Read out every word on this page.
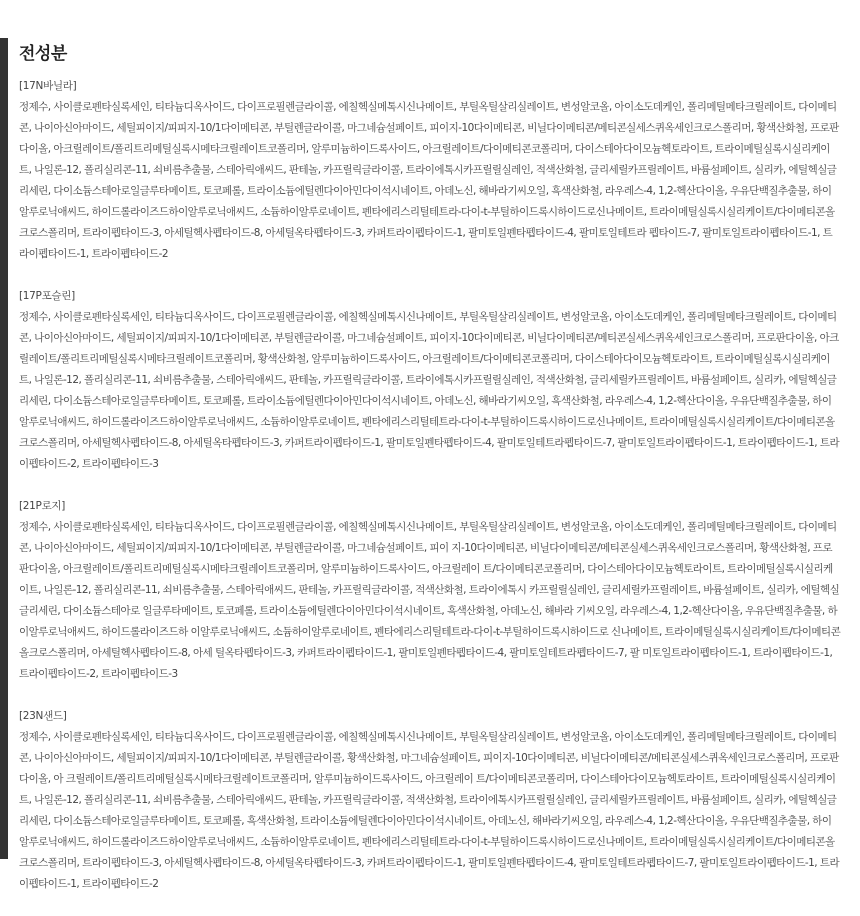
전성분
[17N바닐라]
정제수, 사이클로펜타실록세인, 티타늄디옥사이드, 다이프로필렌글라이콜, 에칠헥실메톡시신나메이트, 부틸옥틸살리실레이트, 변성알코올, 아이소도데케인, 폴리메틸메타크릴레이트, 다이메티콘, 나이아신아마이드, 세틸피이지/피피지-10/1다이메티콘, 부틸렌글라이콜, 마그네슘설페이트, 피이지-10다이메티콘, 비닐다이메티콘/메티콘실세스퀴옥세인크로스폴리머, 황색산화철, 프로판다이올, 아크릴레이트/폴리트리메틸실록시메타크릴레이트코폴리머, 알루미늄하이드록사이드, 아크릴레이트/다이메티콘코폴리머, 다이스테아다이모늄헥토라이트, 트라이메틸실록시실리케이트, 나일론-12, 폴리실리콘-11, 쇠비름추출물, 스테아릭애씨드, 판테놀, 카프릴릭글라이콜, 트라이에톡시카프릴릴실레인, 적색산화철, 글리세릴카프릴레이트, 바륨설페이트, 실리카, 에틸헥실글리세린, 다이소듐스테아로일글루타메이트, 토코페롤, 트라이소듐에틸렌다이아민다이석시네이트, 아데노신, 해바라기씨오일, 흑색산화철, 라우레스-4, 1,2-헥산다이올, 우유단백질추출물, 하이알루로닉애씨드, 하이드롤라이즈드하이알루로닉애씨드, 소듐하이알루로네이트, 펜타에리스리틸테트라-다이-t-부틸하이드록시하이드로신나메이트, 트라이메틸실록시실리케이트/다이메티콘올크로스폴리머, 트라이펩타이드-3, 아세틸헥사펩타이드-8, 아세틸옥타펩타이드-3, 카퍼트라이펩타이드-1, 팔미토일펜타펩타이드-4, 팔미토일테트라 펩타이드-7, 팔미토일트라이펩타이드-1, 트라이펩타이드-1, 트라이펩타이드-2
[17P포슬린]
정제수, 사이클로펜타실록세인, 티타늄디옥사이드, 다이프로필렌글라이콜, 에칠헥실메톡시신나메이트, 부틸옥틸살리실레이트, 변성알코올, 아이소도데케인, 폴리메틸메타크릴레이트, 다이메티콘, 나이아신아마이드, 세틸피이지/피피지-10/1다이메티콘, 부틸렌글라이콜, 마그네슘설페이트, 피이지-10다이메티콘, 비닐다이메티콘/메티콘실세스퀴옥세인크로스폴리머, 프로판다이올, 아크릴레이트/폴리트리메틸실록시메타크릴레이트코폴리머, 황색산화철, 알루미늄하이드록사이드, 아크릴레이트/다이메티콘코폴리머, 다이스테아다이모늄헥토라이트, 트라이메틸실록시실리케이트, 나일론-12, 폴리실리콘-11, 쇠비름추출물, 스테아릭애씨드, 판테놀, 카프릴릭글라이콜, 트라이에톡시카프릴릴실레인, 적색산화철, 글리세릴카프릴레이트, 바륨설페이트, 실리카, 에틸헥실글리세린, 다이소듐스테아로일글루타메이트, 토코페롤, 트라이소듐에틸렌다이아민다이석시네이트, 아데노신, 해바라기씨오일, 흑색산화철, 라우레스-4, 1,2-헥산다이올, 우유단백질추출물, 하이알루로닉애씨드, 하이드롤라이즈드하이알루로닉애씨드, 소듐하이알루로네이트, 펜타에리스리틸테트라-다이-t-부틸하이드록시하이드로신나메이트, 트라이메틸실록시실리케이트/다이메티콘올크로스폴리머, 아세틸헥사펩타이드-8, 아세틸옥타펩타이드-3, 카퍼트라이펩타이드-1, 팔미토일펜타펩타이드-4, 팔미토일테트라펩타이드-7, 팔미토일트라이펩타이드-1, 트라이펩타이드-1, 트라이펩타이드-2, 트라이펩타이드-3
[21P로지]
정제수, 사이클로펜타실록세인, 티타늄디옥사이드, 다이프로필렌글라이콜, 에칠헥실메톡시신나메이트, 부틸옥틸살리실레이트, 변성알코올, 아이소도데케인, 폴리메틸메타크릴레이트, 다이메티 콘, 나이아신아마이드, 세틸피이지/피피지-10/1다이메티콘, 부틸렌글라이콜, 마그네슘설페이트, 피이 지-10다이메티콘, 비닐다이메티콘/메티콘실세스퀴옥세인크로스폴리머, 황색산화철, 프로판다이올, 아크릴레이트/폴리트리메틸실록시메타크릴레이트코폴리머, 알루미늄하이드록사이드, 아크릴레이 트/다이메티콘코폴리머, 다이스테아다이모늄헥토라이트, 트라이메틸실록시실리케이트, 나일론-12, 폴리실리콘-11, 쇠비름추출물, 스테아릭애씨드, 판테놀, 카프릴릭글라이콜, 적색산화철, 트라이에톡시 카프릴릴실레인, 글리세릴카프릴레이트, 바륨설페이트, 실리카, 에틸헥실글리세린, 다이소듐스테아로 일글루타메이트, 토코페롤, 트라이소듐에틸렌다이아민다이석시네이트, 흑색산화철, 아데노신, 해바라 기씨오일, 라우레스-4, 1,2-헥산다이올, 우유단백질추출물, 하이알루로닉애씨드, 하이드롤라이즈드하 이알루로닉애씨드, 소듐하이알루로네이트, 펜타에리스리틸테트라-다이-t-부틸하이드록시하이드로 신나메이트, 트라이메틸실록시실리케이트/다이메티콘올크로스폴리머, 아세틸헥사펩타이드-8, 아세 틸옥타펩타이드-3, 카퍼트라이펩타이드-1, 팔미토일펜타펩타이드-4, 팔미토일테트라펩타이드-7, 팔 미토일트라이펩타이드-1, 트라이펩타이드-1, 트라이펩타이드-2, 트라이펩타이드-3
[23N샌드]
정제수, 사이클로펜타실록세인, 티타늄디옥사이드, 다이프로필렌글라이콜, 에칠헥실메톡시신나메이트, 부틸옥틸살리실레이트, 변성알코올, 아이소도데케인, 폴리메틸메타크릴레이트, 다이메티콘, 나이아신아마이드, 세틸피이지/피피지-10/1다이메티콘, 부틸렌글라이콜, 황색산화철, 마그네슘설페이트, 피이지-10다이메티콘, 비닐다이메티콘/메티콘실세스퀴옥세인크로스폴리머, 프로판다이올, 아 크릴레이트/폴리트리메틸실록시메타크릴레이트코폴리머, 알루미늄하이드록사이드, 아크릴레이 트/다이메티콘코폴리머, 다이스테아다이모늄헥토라이트, 트라이메틸실록시실리케이트, 나일론-12, 폴리실리콘-11, 쇠비름추출물, 스테아릭애씨드, 판테놀, 카프릴릭글라이콜, 적색산화철, 트라이에톡시카프릴릴실레인, 글리세릴카프릴레이트, 바륨설페이트, 실리카, 에틸헥실글리세린, 다이소듐스테아로일글루타메이트, 토코페롤, 흑색산화철, 트라이소듐에틸렌다이아민다이석시네이트, 아데노신, 해바라기씨오일, 라우레스-4, 1,2-헥산다이올, 우유단백질추출물, 하이알루로닉애씨드, 하이드롤라이즈드하이알루로닉애씨드, 소듐하이알루로네이트, 펜타에리스리틸테트라-다이-t-부틸하이드록시하이드로신나메이트, 트라이메틸실록시실리케이트/다이메티콘올크로스폴리머, 트라이펩타이드-3, 아세틸헥사펩타이드-8, 아세틸옥타펩타이드-3, 카퍼트라이펩타이드-1, 팔미토일펜타펩타이드-4, 팔미토일테트라펩타이드-7, 팔미토일트라이펩타이드-1, 트라이펩타이드-1, 트라이펩타이드-2
